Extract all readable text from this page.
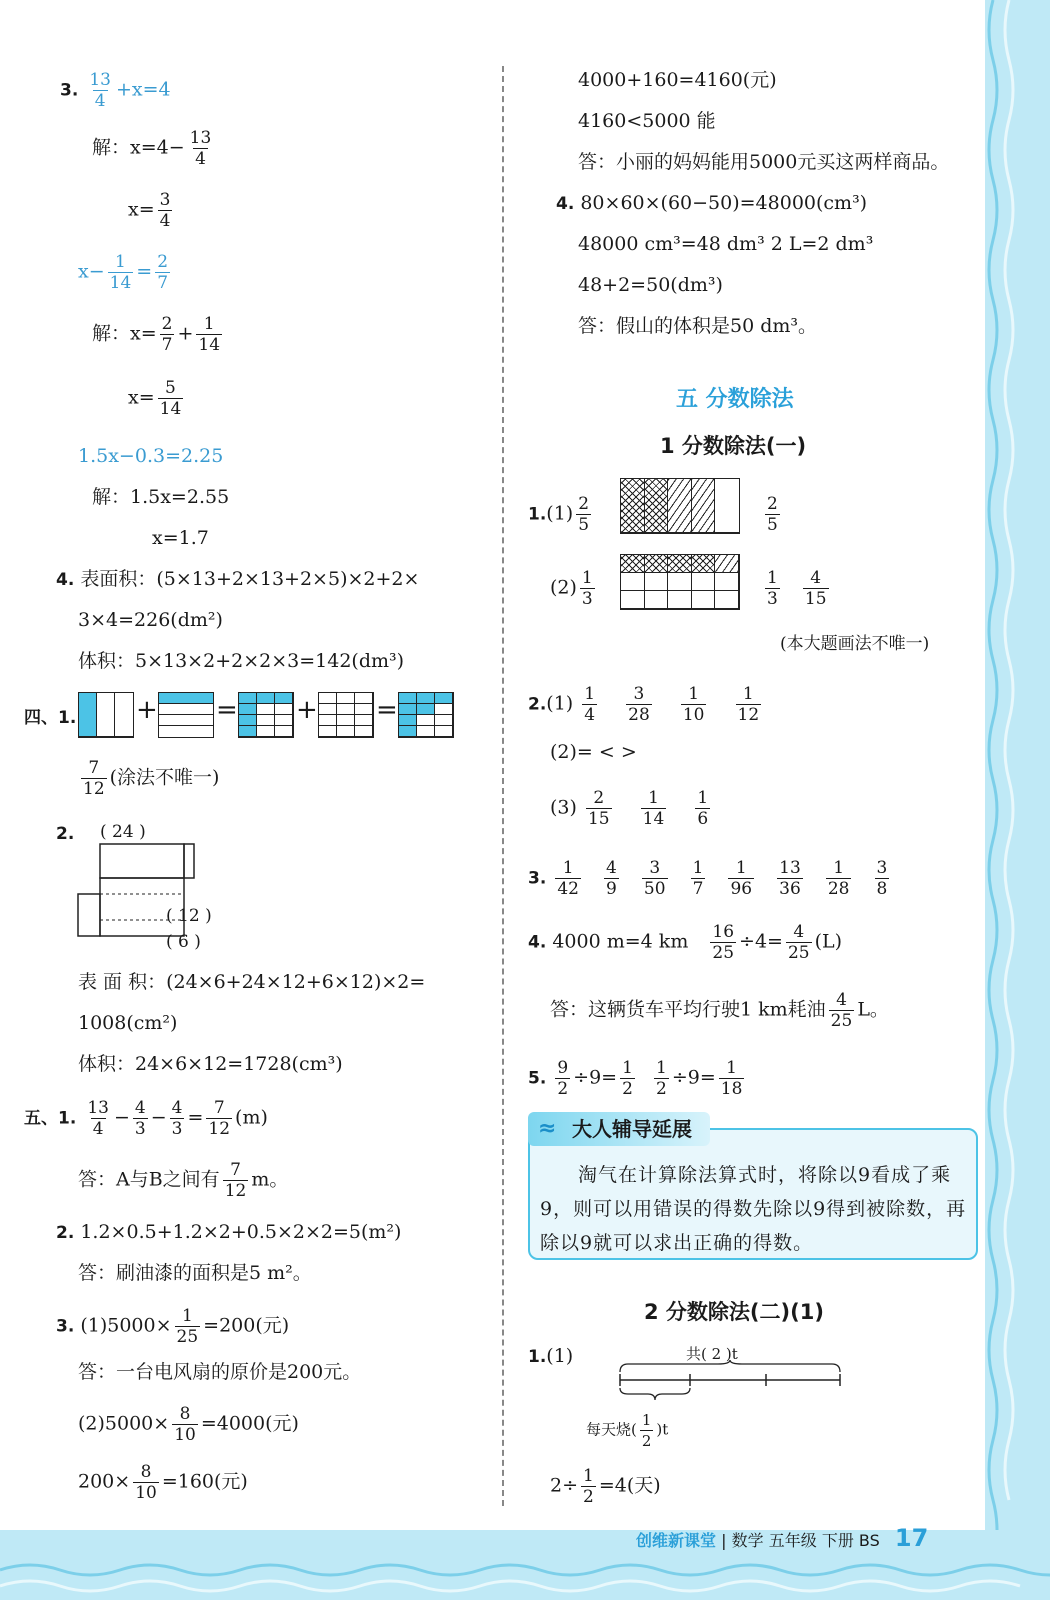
3. $\frac{13}{4} +x=4$
解：$x=4- \frac{13}{4}$
$x= \frac{3}{4}$
$x- \frac{1}{14} = \frac{2}{7}$
解：$x= \frac{2}{7} + \frac{1}{14}$
$x= \frac{5}{14}$
1.5x−0.3=2.25
解：1.5x=2.55
x=1.7
4. 表面积：(5×13+2×13+2×5)×2+2×
3×4=226(dm²)
体积：5×13×2+2×2×3=142(dm³)
四、1. + = + =
$\frac{7}{12}$ (涂法不唯一)
2. ( 24 )
( 12 )
( 6 )
表 面 积：(24×6+24×12+6×12)×2=
1008(cm²)
体积：24×6×12=1728(cm³)
五、1. $\frac{13}{4} - \frac{4}{3} - \frac{4}{3} = \frac{7}{12} (m)$
答：A与B之间有 $\frac{7}{12}$ m。
2. 1.2×0.5+1.2×2+0.5×2×2=5(m²)
答：刷油漆的面积是5 m²。
3. $(1)5000\times \frac{1}{25} =200$(元)
答：一台电风扇的原价是200元。
$(2)5000\times \frac{8}{10} =4000$(元)
$200\times \frac{8}{10} =160$(元)
4000+160=4160(元)
4160<5000 能
答：小丽的妈妈能用5000元买这两样商品。
4. 80×60×(60−50)=48000(cm³)
48000 cm³=48 dm³ 2 L=2 dm³
48+2=50(dm³)
答：假山的体积是50 dm³。
五 分数除法
1 分数除法(一)
$1.(1) \frac{2}{5}$	$\frac{2}{5}$
$(2) \frac{1}{3}$	$\frac{1}{3}$
$\frac{4}{15}$
(本大题画法不唯一)
$2.(1) \frac{1}{4}$
$\frac{3}{28}$
$\frac{1}{10}$
$\frac{1}{12}$
(2)= < >
$(3) \frac{2}{15}$
$\frac{1}{14}$
$\frac{1}{6}$
3. $\frac{1}{42}$
$\frac{4}{9}$
$\frac{3}{50}$
$\frac{1}{7}$
$\frac{1}{96}$
$\frac{13}{36}$
$\frac{1}{28}$
$\frac{3}{8}$
4. 4000 m=4 km $\frac{16}{25} \div 4= \frac{4}{25} (L)$
答：这辆货车平均行驶1 km耗油 $\frac{4}{25}$ L。
5. $\frac{9}{2} \div 9= \frac{1}{2}$
$\frac{1}{2} \div 9= \frac{1}{18}$
≈ 大人辅导延展
淘气在计算除法算式时，将除以9看成了乘9，则可以用错误的得数先除以9得到被除数，再除以9就可以求出正确的得数。
2 分数除法(二)(1)
1.(1)	共( 2 )t
每天烧( $\frac{1}{2} )t$
$2\div \frac{1}{2} =4$(天)
创维新课堂 | 数学 五年级 下册 BS 17
